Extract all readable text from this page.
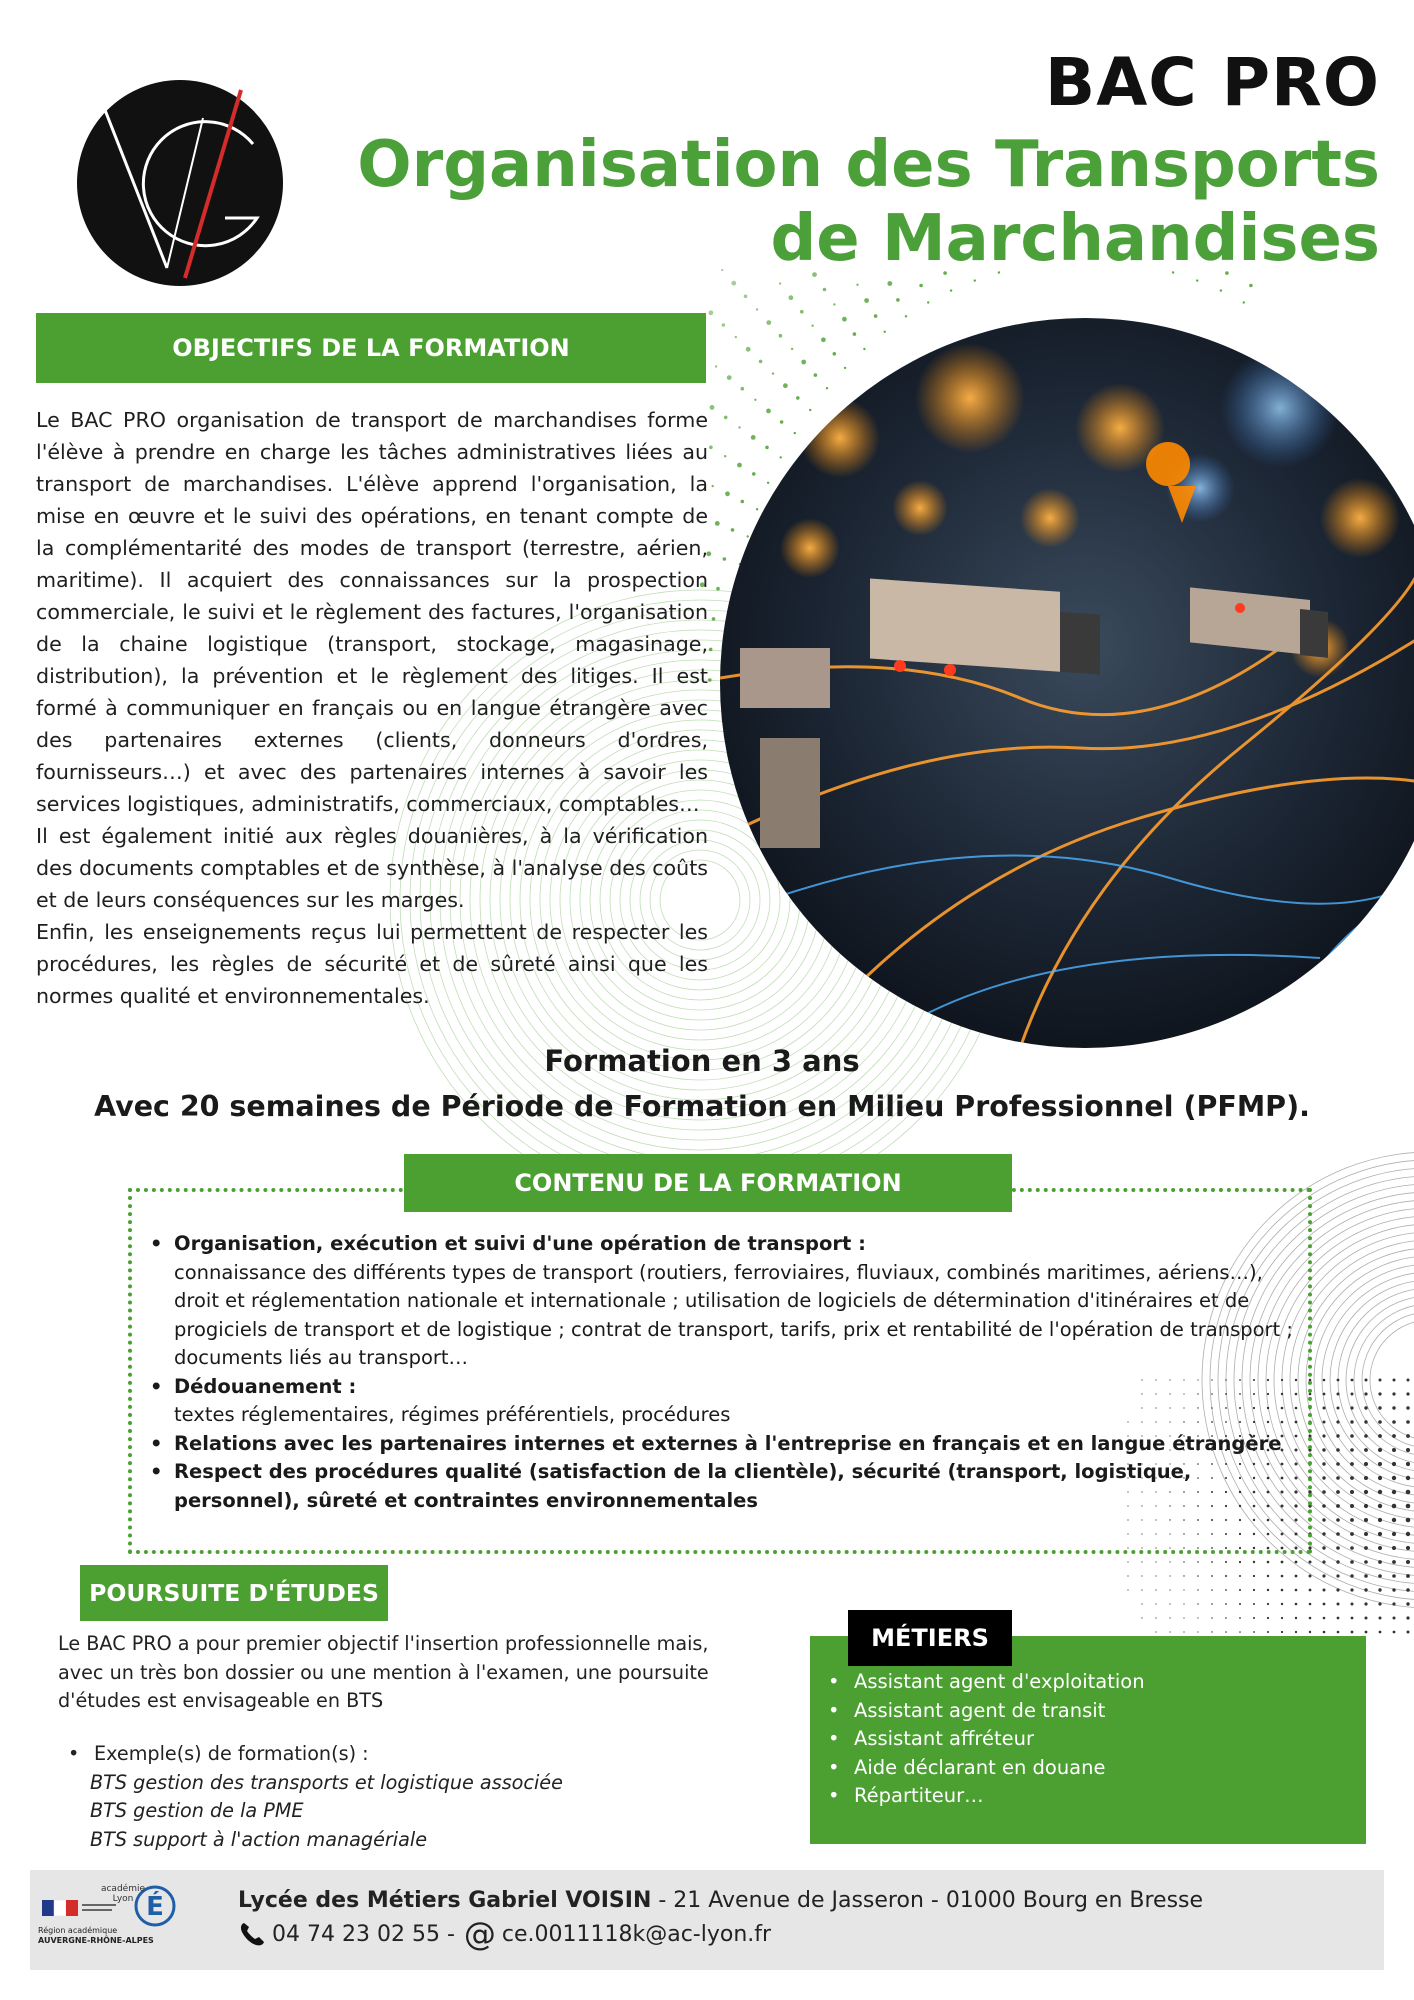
BAC PRO
Organisation des Transports
de Marchandises
OBJECTIFS DE LA FORMATION

Le BAC PRO organisation de transport de marchandises forme l'élève à prendre en charge les tâches administratives liées au transport de marchandises. L'élève apprend l'organisation, la mise en œuvre et le suivi des opérations, en tenant compte de la complémentarité des modes de transport (terrestre, aérien, maritime). Il acquiert des connaissances sur la prospection commerciale, le suivi et le règlement des factures, l'organisation de la chaine logistique (transport, stockage, magasinage, distribution), la prévention et le règlement des litiges. Il est formé à communiquer en français ou en langue étrangère avec des partenaires externes (clients, donneurs d'ordres, fournisseurs…) et avec des partenaires internes à savoir les services logistiques, administratifs, commerciaux, comptables…

Il est également initié aux règles douanières, à la vérification des documents comptables et de synthèse, à l'analyse des coûts et de leurs conséquences sur les marges.

Enfin, les enseignements reçus lui permettent de respecter les procédures, les règles de sécurité et de sûreté ainsi que les normes qualité et environnementales.

Formation en 3 ans
Avec 20 semaines de Période de Formation en Milieu Professionnel (PFMP).
CONTENU DE LA FORMATION
• Organisation, exécution et suivi d'une opération de transport :
connaissance des différents types de transport (routiers, ferroviaires, fluviaux, combinés maritimes, aériens…), droit et réglementation nationale et internationale ; utilisation de logiciels de détermination d'itinéraires et de progiciels de transport et de logistique ; contrat de transport, tarifs, prix et rentabilité de l'opération de transport ; documents liés au transport…
• Dédouanement :
textes réglementaires, régimes préférentiels, procédures
• Relations avec les partenaires internes et externes à l'entreprise en français et en langue étrangère
• Respect des procédures qualité (satisfaction de la clientèle), sécurité (transport, logistique, personnel), sûreté et contraintes environnementales
POURSUITE D'ÉTUDES
Le BAC PRO a pour premier objectif l'insertion professionnelle mais, avec un très bon dossier ou une mention à l'examen, une poursuite d'études est envisageable en BTS
• Exemple(s) de formation(s) :
BTS gestion des transports et logistique associée
BTS gestion de la PME
BTS support à l'action managériale
MÉTIERS
• Assistant agent d'exploitation
• Assistant agent de transit
• Assistant affréteur
• Aide déclarant en douane
• Répartiteur…
É
académie Lyon
Région académique
AUVERGNE-RHÔNE-ALPES
Lycée des Métiers Gabriel VOISIN - 21 Avenue de Jasseron - 01000 Bourg en Bresse
04 74 23 02 55 - @ ce.0011118k@ac-lyon.fr
